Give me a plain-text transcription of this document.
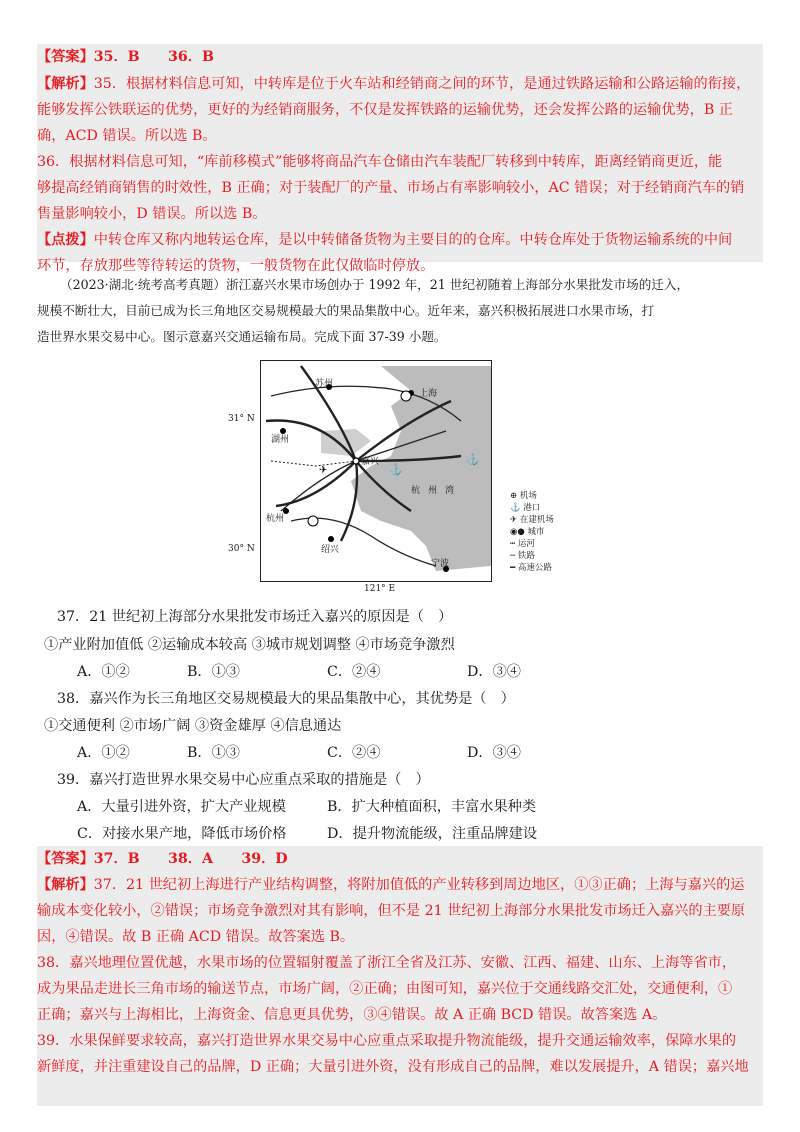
【答案】35．B　　36．B
【解析】35．根据材料信息可知，中转库是位于火车站和经销商之间的环节，是通过铁路运输和公路运输的衔接，
能够发挥公铁联运的优势，更好的为经销商服务，不仅是发挥铁路的运输优势，还会发挥公路的运输优势，B 正
确，ACD 错误。所以选 B。
36．根据材料信息可知，“库前移模式”能够将商品汽车仓储由汽车装配厂转移到中转库，距离经销商更近，能
够提高经销商销售的时效性，B 正确；对于装配厂的产量、市场占有率影响较小，AC 错误；对于经销商汽车的销
售量影响较小，D 错误。所以选 B。
【点拨】中转仓库又称内地转运仓库，是以中转储备货物为主要目的的仓库。中转仓库处于货物运输系统的中间
环节，存放那些等待转运的货物，一般货物在此仅做临时停放。
（2023·湖北·统考高考真题）浙江嘉兴水果市场创办于 1992 年，21 世纪初随着上海部分水果批发市场的迁入，
规模不断壮大，目前已成为长三角地区交易规模最大的果品集散中心。近年来，嘉兴积极拓展进口水果市场，打
造世界水果交易中心。图示意嘉兴交通运输布局。完成下面 37-39 小题。
⚓
⚓
✈
苏州
上海
湖州
嘉兴
杭州
杭州湾
绍兴
宁波
31° N
30° N
121° E
⊕ 机场
⚓ 港口
✈ 在建机场
◉● 城市
┅ 运河
─ 铁路
━ 高速公路
37．21 世纪初上海部分水果批发市场迁入嘉兴的原因是（　）
①产业附加值低 ②运输成本较高 ③城市规划调整 ④市场竞争激烈
A．①②	B．①③	C．②④	D．③④
38．嘉兴作为长三角地区交易规模最大的果品集散中心，其优势是（　）
①交通便利 ②市场广阔 ③资金雄厚 ④信息通达
A．①②	B．①③	C．②④	D．③④
39．嘉兴打造世界水果交易中心应重点采取的措施是（　）
A．大量引进外资，扩大产业规模	B．扩大种植面积，丰富水果种类
C．对接水果产地，降低市场价格	D．提升物流能级，注重品牌建设
【答案】37．B　　38．A　　39．D
【解析】37．21 世纪初上海进行产业结构调整，将附加值低的产业转移到周边地区，①③正确；上海与嘉兴的运
输成本变化较小，②错误；市场竞争激烈对其有影响，但不是 21 世纪初上海部分水果批发市场迁入嘉兴的主要原
因，④错误。故 B 正确 ACD 错误。故答案选 B。
38．嘉兴地理位置优越，水果市场的位置辐射覆盖了浙江全省及江苏、安徽、江西、福建、山东、上海等省市，
成为果品走进长三角市场的输送节点，市场广阔，②正确；由图可知，嘉兴位于交通线路交汇处，交通便利，①
正确；嘉兴与上海相比，上海资金、信息更具优势，③④错误。故 A 正确 BCD 错误。故答案选 A。
39．水果保鲜要求较高，嘉兴打造世界水果交易中心应重点采取提升物流能级，提升交通运输效率，保障水果的
新鲜度，并注重建设自己的品牌，D 正确；大量引进外资，没有形成自己的品牌，难以发展提升，A 错误；嘉兴地
